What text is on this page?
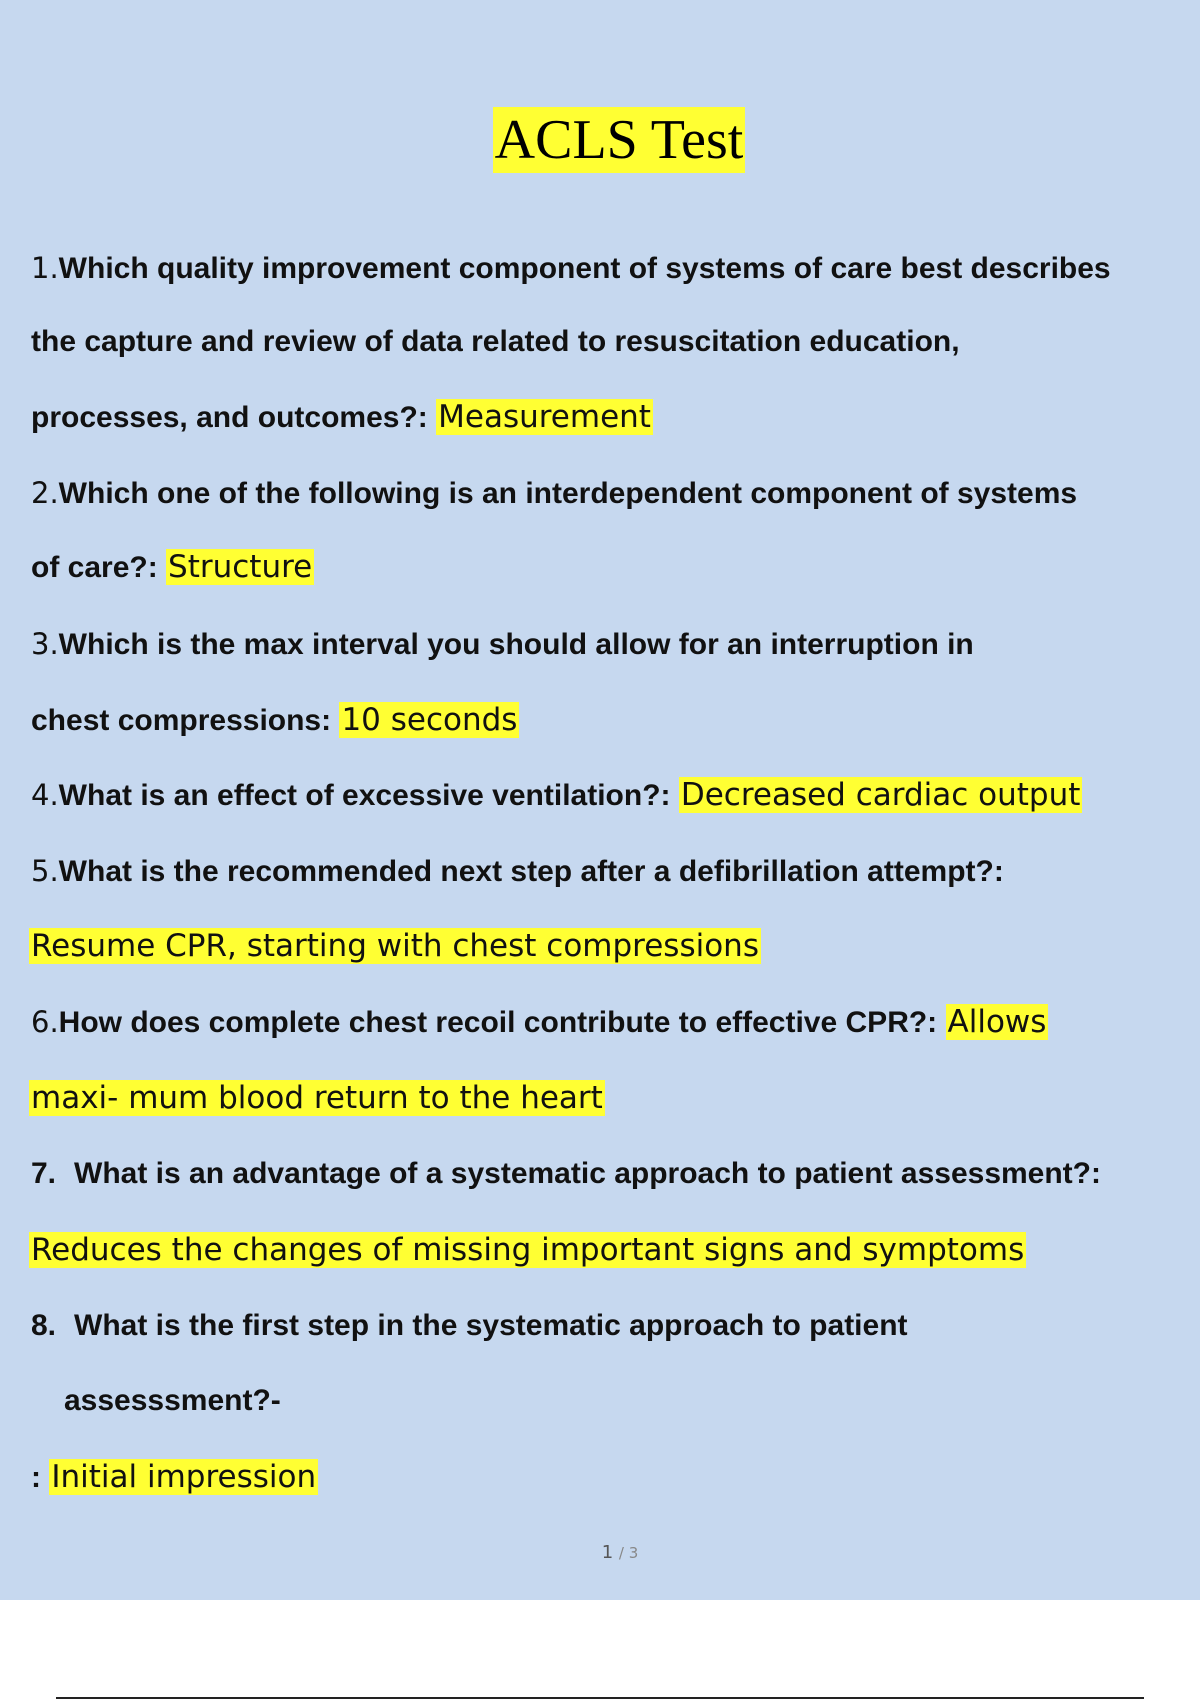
ACLS Test
1.Which quality improvement component of systems of care best describes
the capture and review of data related to resuscitation education,
processes, and outcomes?: Measurement
2.Which one of the following is an interdependent component of systems
of care?: Structure
3.Which is the max interval you should allow for an interruption in
chest compressions: 10 seconds
4.What is an effect of excessive ventilation?: Decreased cardiac output
5.What is the recommended next step after a defibrillation attempt?:
Resume CPR, starting with chest compressions
6.How does complete chest recoil contribute to effective CPR?: Allows
maxi- mum blood return to the heart
7. What is an advantage of a systematic approach to patient assessment?:
Reduces the changes of missing important signs and symptoms
8. What is the first step in the systematic approach to patient
assesssment?-
: Initial impression
1 / 3
